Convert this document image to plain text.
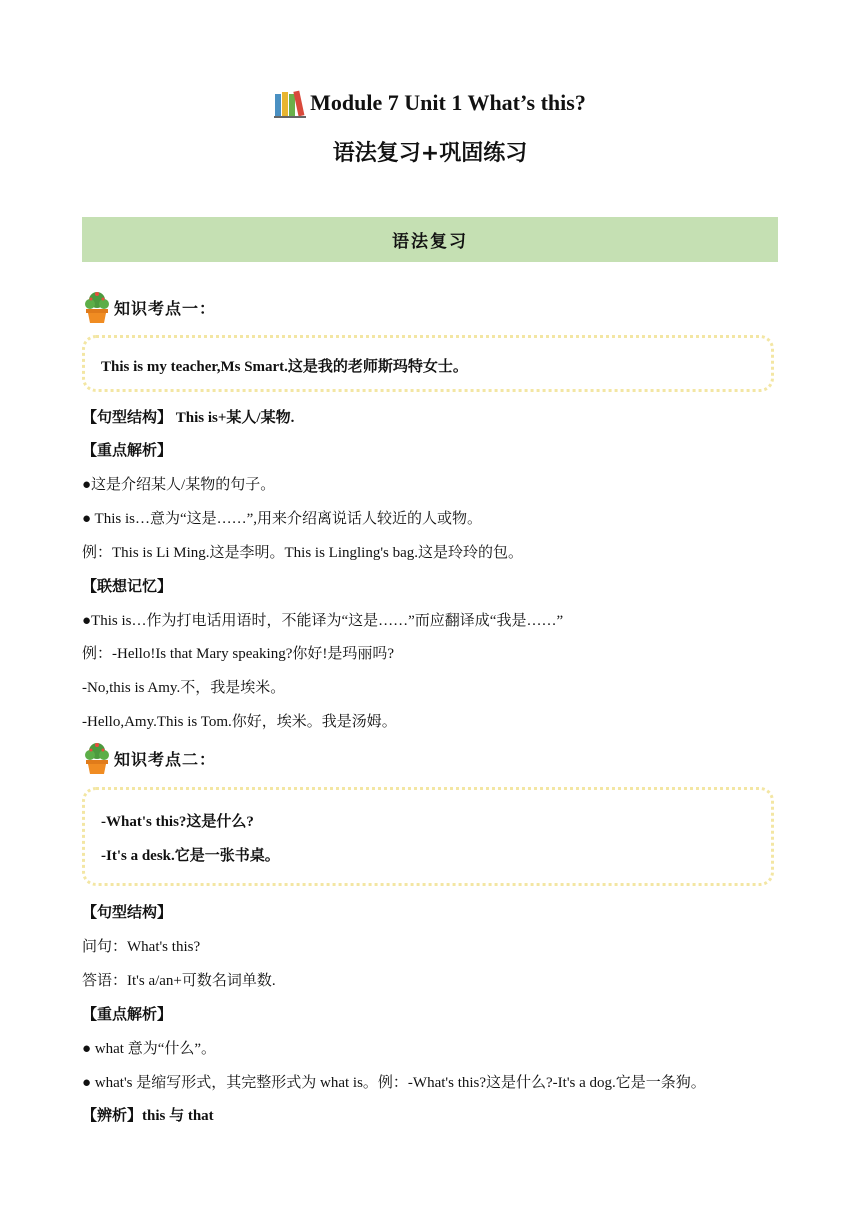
Module 7 Unit 1 What’s this?
语法复习+巩固练习
语法复习
知识考点一：
This is my teacher,Ms Smart.这是我的老师斯玛特女士。
【句型结构】 This is+某人/某物.
【重点解析】
●这是介绍某人/某物的句子。
● This is…意为“这是……”,用来介绍离说话人较近的人或物。
例：This is Li Ming.这是李明。This is Lingling's bag.这是玲玲的包。
【联想记忆】
●This is…作为打电话用语时，不能译为“这是……”而应翻译成“我是……”
例：-Hello!Is that Mary speaking?你好!是玛丽吗?
-No,this is Amy.不，我是埃米。
-Hello,Amy.This is Tom.你好，埃米。我是汤姆。
知识考点二：
-What's this?这是什么?
-It's a desk.它是一张书桌。
【句型结构】
问句：What's this?
答语：It's a/an+可数名词单数.
【重点解析】
● what 意为“什么”。
● what's 是缩写形式，其完整形式为 what is。例：-What's this?这是什么?-It's a dog.它是一条狗。
【辨析】this 与 that
